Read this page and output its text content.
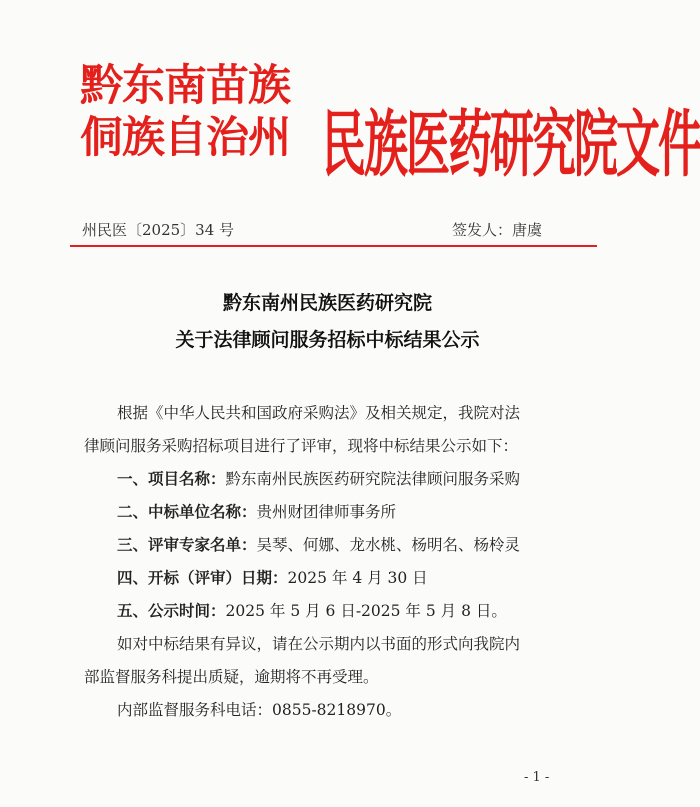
黔东南苗族
侗族自治州 民族医药研究院文件
州民医〔2025〕34 号	签发人：唐虞
黔东南州民族医药研究院
关于法律顾问服务招标中标结果公示
根据《中华人民共和国政府采购法》及相关规定，我院对法
律顾问服务采购招标项目进行了评审，现将中标结果公示如下：
一、项目名称：黔东南州民族医药研究院法律顾问服务采购
二、中标单位名称：贵州财团律师事务所
三、评审专家名单：吴琴、何娜、龙水桃、杨明名、杨柃灵
四、开标（评审）日期：2025 年 4 月 30 日
五、公示时间：2025 年 5 月 6 日-2025 年 5 月 8 日。
如对中标结果有异议，请在公示期内以书面的形式向我院内
部监督服务科提出质疑，逾期将不再受理。
内部监督服务科电话：0855-8218970。
- 1 -
